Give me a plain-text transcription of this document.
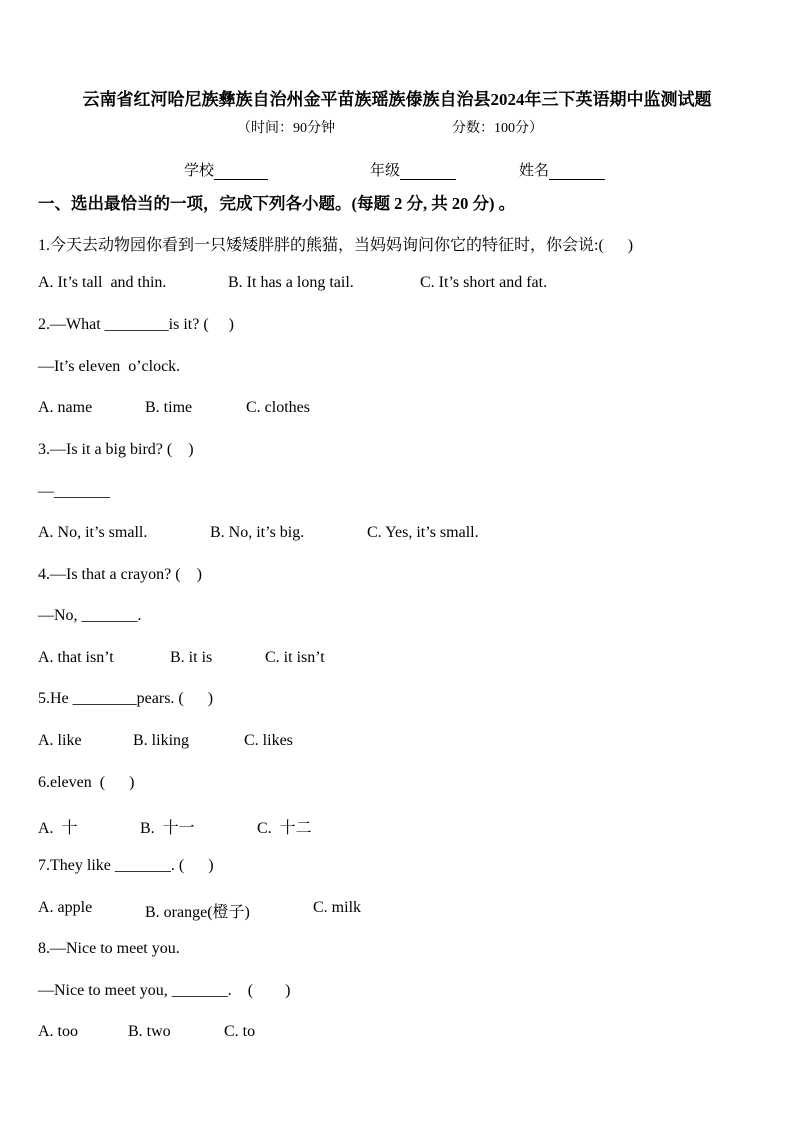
云南省红河哈尼族彝族自治州金平苗族瑶族傣族自治县2024年三下英语期中监测试题
（时间：90分钟	分数：100分）
学校	年级	姓名
一、选出最恰当的一项，完成下列各小题。(每题 2 分, 共 20 分) 。
1.今天去动物园你看到一只矮矮胖胖的熊猫，当妈妈询问你它的特征时，你会说:(      )
A. It’s tall  and thin.	B. It has a long tail.	C. It’s short and fat.
2.—What ________is it? (     )
—It’s eleven  o’clock.
A. name	B. time	C. clothes
3.—Is it a big bird? (    )
—_______
A. No, it’s small.	B. No, it’s big.	C. Yes, it’s small.
4.—Is that a crayon? (    )
—No, _______.
A. that isn’t	B. it is	C. it isn’t
5.He ________pears. (      )
A. like	B. liking	C. likes
6.eleven  (      )
A.  十	B.  十一	C.  十二
7.They like _______. (      )
A. apple	B. orange(橙子)	C. milk
8.—Nice to meet you.
—Nice to meet you, _______.    (        )
A. too	B. two	C. to
